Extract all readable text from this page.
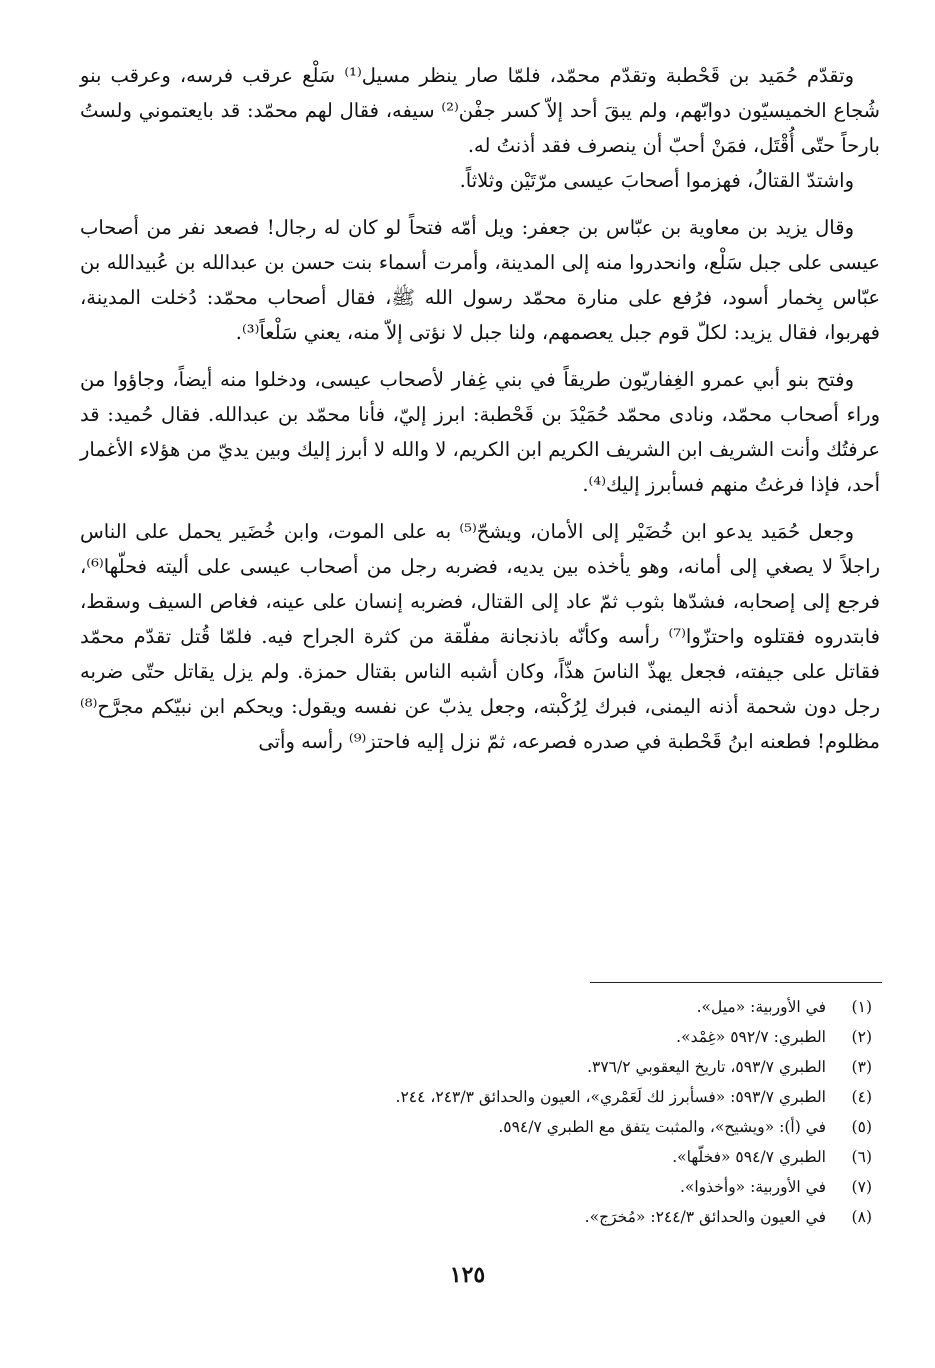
وتقدّم حُمَيد بن قَحْطبة وتقدّم محمّد، فلمّا صار ينظر مسيل⁽¹⁾ سَلْع عرقب فرسه، وعرقب بنو شُجاع الخميسيّون دوابّهم، ولم يبقَ أحد إلاّ كسر جفْن⁽²⁾ سيفه، فقال لهم محمّد: قد بايعتموني ولستُ بارحاً حتّى أُقْتَل، فمَنْ أحبّ أن ينصرف فقد أذنتُ له.

واشتدّ القتالُ، فهزموا أصحابَ عيسى مرّتَيْن وثلاثاً.

وقال يزيد بن معاوية بن عبّاس بن جعفر: ويل أمّه فتحاً لو كان له رجال! فصعد نفر من أصحاب عيسى على جبل سَلْع، وانحدروا منه إلى المدينة، وأمرت أسماء بنت حسن بن عبدالله بن عُبيدالله بن عبّاس بِخمار أسود، فرُفع على منارة محمّد رسول الله ﷺ، فقال أصحاب محمّد: دُخلت المدينة، فهربوا، فقال يزيد: لكلّ قوم جبل يعصمهم، ولنا جبل لا نؤتى إلاّ منه، يعني سَلْعاً⁽³⁾.

وفتح بنو أبي عمرو الغِفاريّون طريقاً في بني غِفار لأصحاب عيسى، ودخلوا منه أيضاً، وجاؤوا من وراء أصحاب محمّد، ونادى محمّد حُمَيْدَ بن قَحْطبة: ابرز إليّ، فأنا محمّد بن عبدالله. فقال حُميد: قد عرفتُك وأنت الشريف ابن الشريف الكريم ابن الكريم، لا والله لا أبرز إليك وبين يديّ من هؤلاء الأغمار أحد، فإذا فرغتُ منهم فسأبرز إليك⁽⁴⁾.

وجعل حُمَيد يدعو ابن خُضَيْر إلى الأمان، ويشحّ⁽⁵⁾ به على الموت، وابن خُضَير يحمل على الناس راجلاً لا يصغي إلى أمانه، وهو يأخذه بين يديه، فضربه رجل من أصحاب عيسى على أليته فحلّها⁽⁶⁾، فرجع إلى إصحابه، فشدّها بثوب ثمّ عاد إلى القتال، فضربه إنسان على عينه، فغاص السيف وسقط، فابتدروه فقتلوه واحتزّوا⁽⁷⁾ رأسه وكأنّه باذنجانة مفلّقة من كثرة الجراح فيه. فلمّا قُتل تقدّم محمّد فقاتل على جيفته، فجعل يهذّ الناسَ هذّاً، وكان أشبه الناس بقتال حمزة. ولم يزل يقاتل حتّى ضربه رجل دون شحمة أذنه اليمنى، فبرك لِرُكْبته، وجعل يذبّ عن نفسه ويقول: ويحكم ابن نبيّكم مجرَّح⁽⁸⁾ مظلوم! فطعنه ابنُ قَحْطبة في صدره فصرعه، ثمّ نزل إليه فاحتز⁽⁹⁾ رأسه وأتى

(١)
في الأوربية: «ميل».
(٢)
الطبري: ٥٩٢/٧ «غِمْد».
(٣)
الطبري ٥٩٣/٧، تاريخ اليعقوبي ٣٧٦/٢.
(٤)
الطبري ٥٩٣/٧: «فسأبرز لك لَعَمْري»، العيون والحدائق ٢٤٣/٣، ٢٤٤.
(٥)
في (أ): «ويشيح»، والمثبت يتفق مع الطبري ٥٩٤/٧.
(٦)
الطبري ٥٩٤/٧ «فخلّها».
(٧)
في الأوربية: «وأخذوا».
(٨)
في العيون والحدائق ٢٤٤/٣: «مُخرَج».
١٢٥
